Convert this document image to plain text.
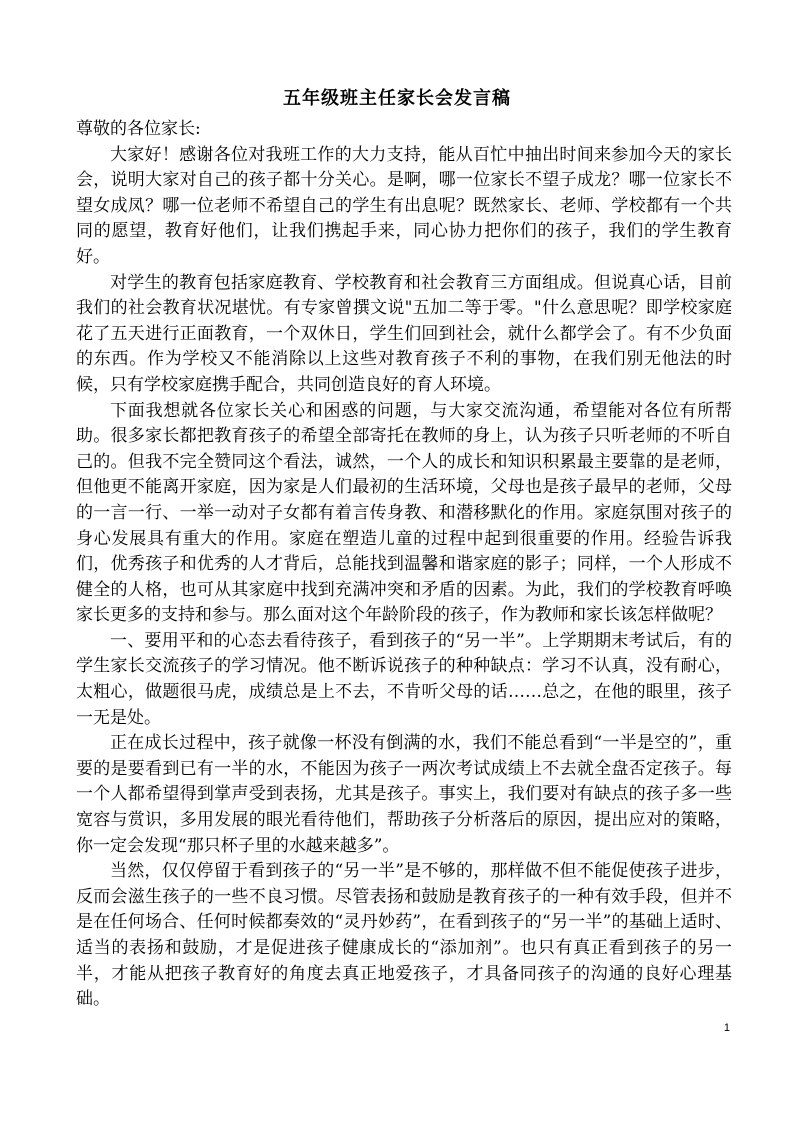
五年级班主任家长会发言稿

尊敬的各位家长:

大家好！感谢各位对我班工作的大力支持，能从百忙中抽出时间来参加今天的家长会，说明大家对自己的孩子都十分关心。是啊，哪一位家长不望子成龙？哪一位家长不望女成凤？哪一位老师不希望自己的学生有出息呢？既然家长、老师、学校都有一个共同的愿望，教育好他们，让我们携起手来，同心协力把你们的孩子，我们的学生教育好。

对学生的教育包括家庭教育、学校教育和社会教育三方面组成。但说真心话，目前我们的社会教育状况堪忧。有专家曾撰文说"五加二等于零。"什么意思呢？即学校家庭花了五天进行正面教育，一个双休日，学生们回到社会，就什么都学会了。有不少负面的东西。作为学校又不能消除以上这些对教育孩子不利的事物，在我们别无他法的时候，只有学校家庭携手配合，共同创造良好的育人环境。

下面我想就各位家长关心和困惑的问题，与大家交流沟通，希望能对各位有所帮助。很多家长都把教育孩子的希望全部寄托在教师的身上，认为孩子只听老师的不听自己的。但我不完全赞同这个看法，诚然，一个人的成长和知识积累最主要靠的是老师，但他更不能离开家庭，因为家是人们最初的生活环境，父母也是孩子最早的老师，父母的一言一行、一举一动对子女都有着言传身教、和潜移默化的作用。家庭氛围对孩子的身心发展具有重大的作用。家庭在塑造儿童的过程中起到很重要的作用。经验告诉我们，优秀孩子和优秀的人才背后，总能找到温馨和谐家庭的影子；同样，一个人形成不健全的人格，也可从其家庭中找到充满冲突和矛盾的因素。为此，我们的学校教育呼唤家长更多的支持和参与。那么面对这个年龄阶段的孩子，作为教师和家长该怎样做呢？

一、要用平和的心态去看待孩子，看到孩子的“另一半”。上学期期末考试后，有的学生家长交流孩子的学习情况。他不断诉说孩子的种种缺点：学习不认真，没有耐心，太粗心，做题很马虎，成绩总是上不去，不肯听父母的话……总之，在他的眼里，孩子一无是处。

正在成长过程中，孩子就像一杯没有倒满的水，我们不能总看到“一半是空的”，重要的是要看到已有一半的水，不能因为孩子一两次考试成绩上不去就全盘否定孩子。每一个人都希望得到掌声受到表扬，尤其是孩子。事实上，我们要对有缺点的孩子多一些宽容与赏识，多用发展的眼光看待他们，帮助孩子分析落后的原因，提出应对的策略，你一定会发现“那只杯子里的水越来越多”。

当然，仅仅停留于看到孩子的“另一半”是不够的，那样做不但不能促使孩子进步，反而会滋生孩子的一些不良习惯。尽管表扬和鼓励是教育孩子的一种有效手段，但并不是在任何场合、任何时候都奏效的“灵丹妙药”，在看到孩子的“另一半”的基础上适时、适当的表扬和鼓励，才是促进孩子健康成长的“添加剂”。也只有真正看到孩子的另一半，才能从把孩子教育好的角度去真正地爱孩子，才具备同孩子的沟通的良好心理基础。

1
